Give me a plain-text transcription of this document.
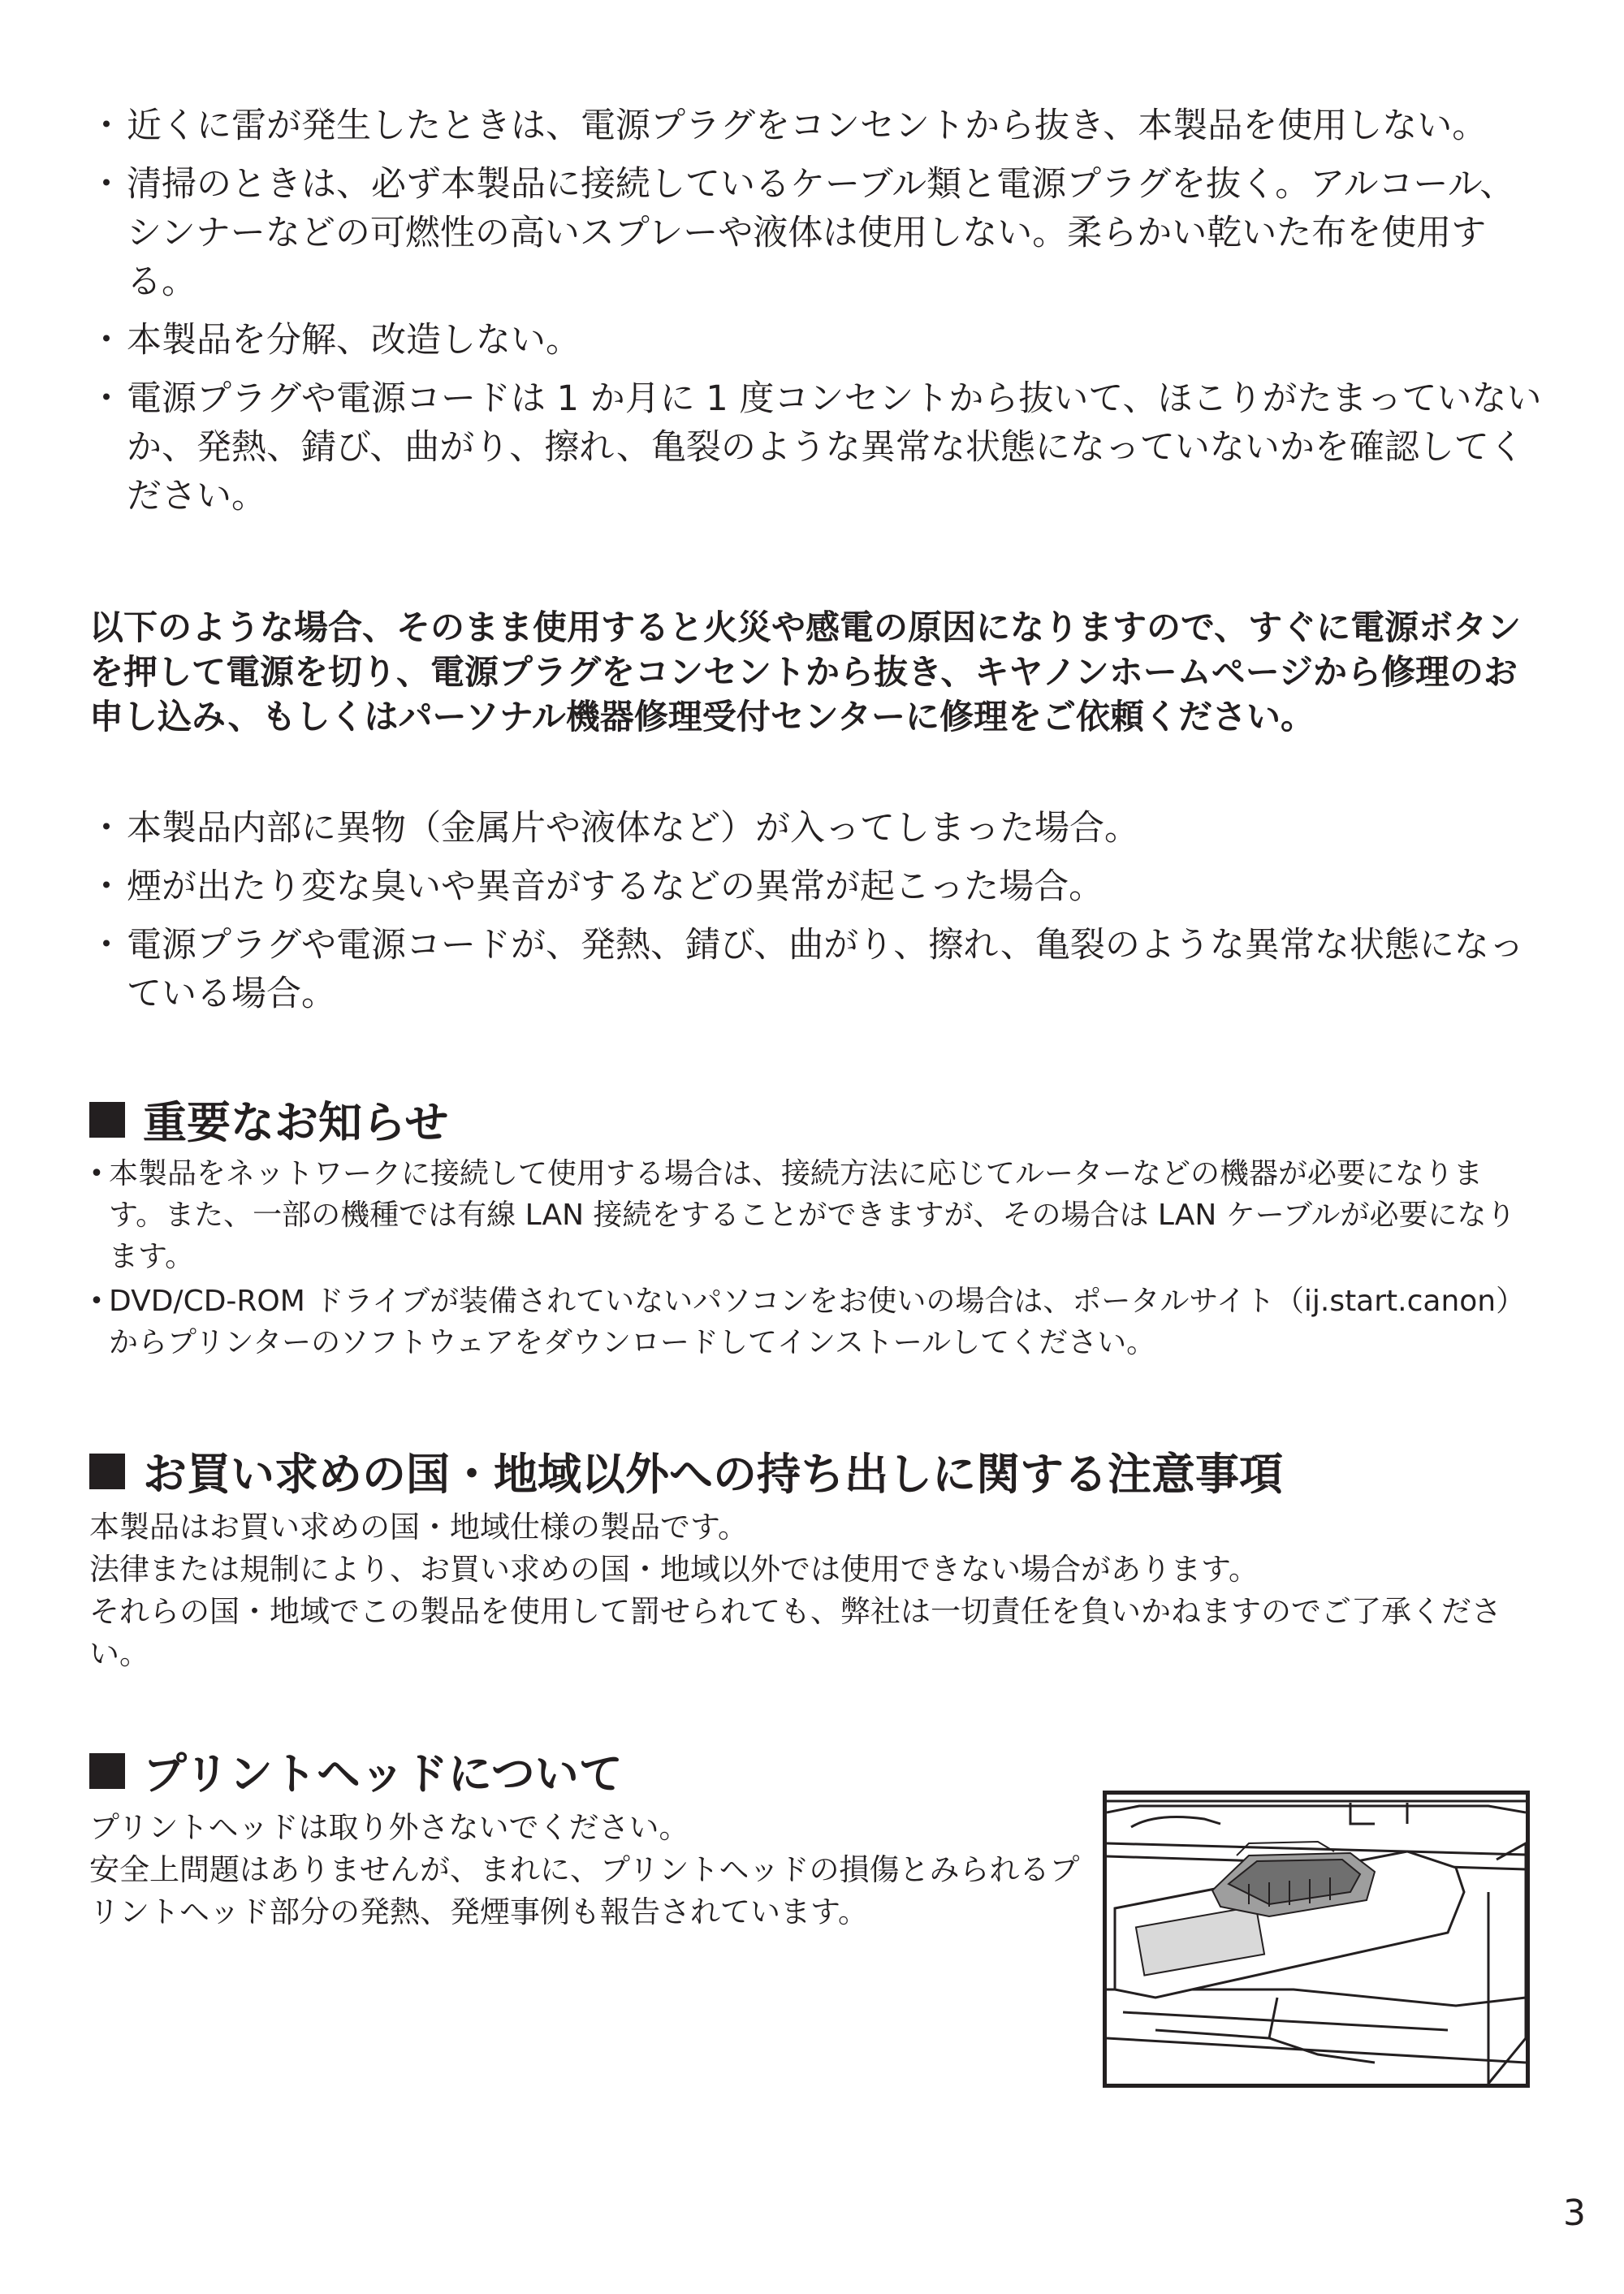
・ 近くに雷が発生したときは、電源プラグをコンセントから抜き、本製品を使用しない。
・ 清掃のときは、必ず本製品に接続しているケーブル類と電源プラグを抜く。アルコール、シンナーなどの可燃性の高いスプレーや液体は使用しない。柔らかい乾いた布を使用する。
・ 本製品を分解、改造しない。
・ 電源プラグや電源コードは 1 か月に 1 度コンセントから抜いて、ほこりがたまっていないか、発熱、錆び、曲がり、擦れ、亀裂のような異常な状態になっていないかを確認してください。

以下のような場合、そのまま使用すると火災や感電の原因になりますので、すぐに電源ボタンを押して電源を切り、電源プラグをコンセントから抜き、キヤノンホームページから修理のお申し込み、もしくはパーソナル機器修理受付センターに修理をご依頼ください。

・ 本製品内部に異物（金属片や液体など）が入ってしまった場合。
・ 煙が出たり変な臭いや異音がするなどの異常が起こった場合。
・ 電源プラグや電源コードが、発熱、錆び、曲がり、擦れ、亀裂のような異常な状態になっている場合。
重要なお知らせ
• 本製品をネットワークに接続して使用する場合は、接続方法に応じてルーターなどの機器が必要になります。また、一部の機種では有線 LAN 接続をすることができますが、その場合は LAN ケーブルが必要になります。
• DVD/CD-ROM ドライブが装備されていないパソコンをお使いの場合は、ポータルサイト（ij.start.canon）からプリンターのソフトウェアをダウンロードしてインストールしてください。
お買い求めの国・地域以外への持ち出しに関する注意事項

本製品はお買い求めの国・地域仕様の製品です。

法律または規制により、お買い求めの国・地域以外では使用できない場合があります。

それらの国・地域でこの製品を使用して罰せられても、弊社は一切責任を負いかねますのでご了承ください。

プリントヘッドについて

プリントヘッドは取り外さないでください。

安全上問題はありませんが、まれに、プリントヘッドの損傷とみられるプリントヘッド部分の発熱、発煙事例も報告されています。

3
